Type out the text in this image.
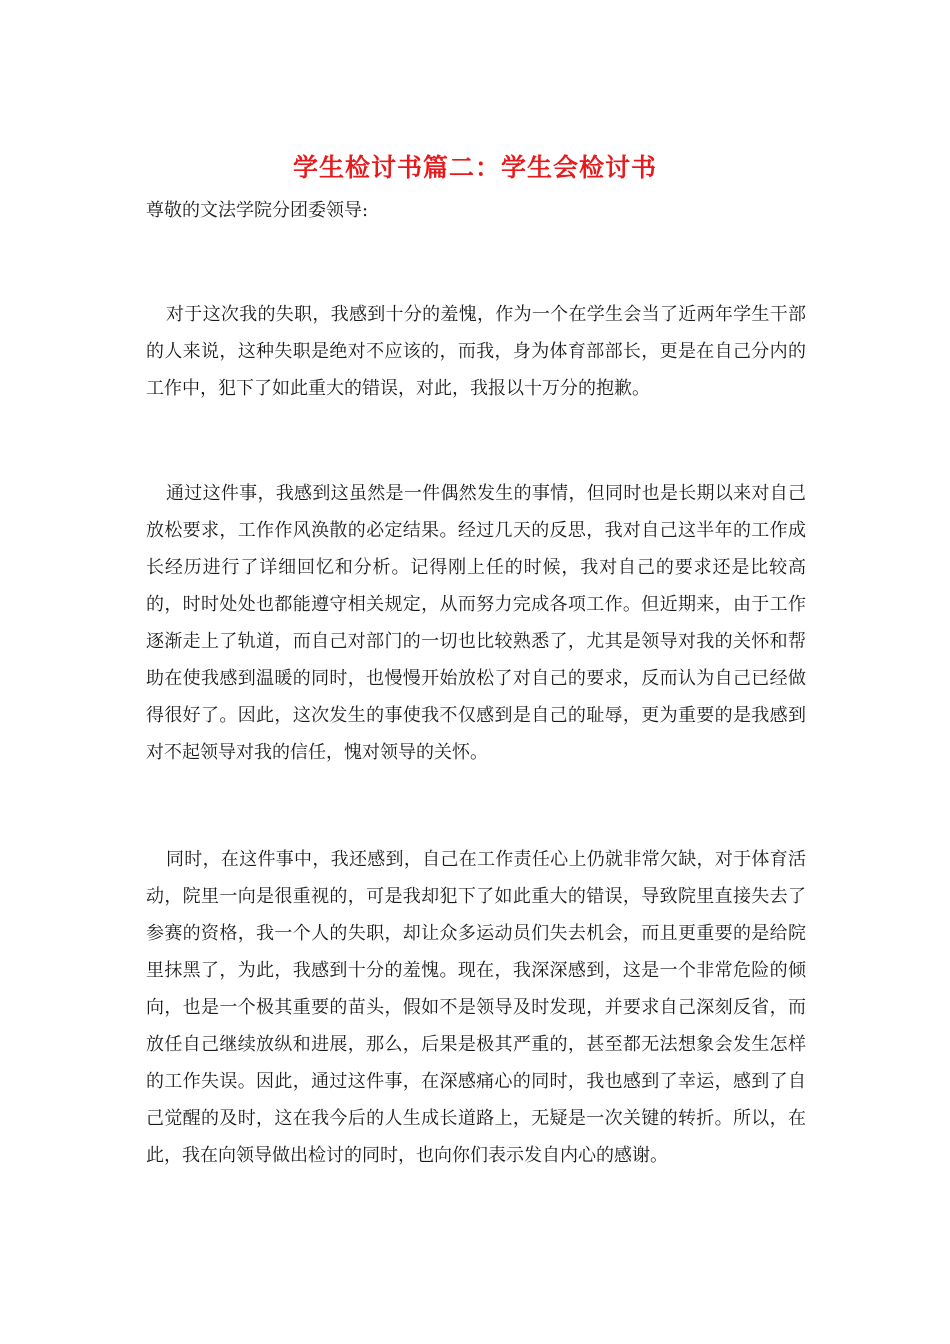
学生检讨书篇二：学生会检讨书
尊敬的文法学院分团委领导:

对于这次我的失职，我感到十分的羞愧，作为一个在学生会当了近两年学生干部的人来说，这种失职是绝对不应该的，而我，身为体育部部长，更是在自己分内的工作中，犯下了如此重大的错误，对此，我报以十万分的抱歉。

通过这件事，我感到这虽然是一件偶然发生的事情，但同时也是长期以来对自己放松要求，工作作风涣散的必定结果。经过几天的反思，我对自己这半年的工作成长经历进行了详细回忆和分析。记得刚上任的时候，我对自己的要求还是比较高的，时时处处也都能遵守相关规定，从而努力完成各项工作。但近期来，由于工作逐渐走上了轨道，而自己对部门的一切也比较熟悉了，尤其是领导对我的关怀和帮助在使我感到温暖的同时，也慢慢开始放松了对自己的要求，反而认为自己已经做得很好了。因此，这次发生的事使我不仅感到是自己的耻辱，更为重要的是我感到对不起领导对我的信任，愧对领导的关怀。

同时，在这件事中，我还感到，自己在工作责任心上仍就非常欠缺，对于体育活动，院里一向是很重视的，可是我却犯下了如此重大的错误，导致院里直接失去了参赛的资格，我一个人的失职，却让众多运动员们失去机会，而且更重要的是给院里抹黑了，为此，我感到十分的羞愧。现在，我深深感到，这是一个非常危险的倾向，也是一个极其重要的苗头，假如不是领导及时发现，并要求自己深刻反省，而放任自己继续放纵和进展，那么，后果是极其严重的，甚至都无法想象会发生怎样的工作失误。因此，通过这件事，在深感痛心的同时，我也感到了幸运，感到了自己觉醒的及时，这在我今后的人生成长道路上，无疑是一次关键的转折。所以，在此，我在向领导做出检讨的同时，也向你们表示发自内心的感谢。
